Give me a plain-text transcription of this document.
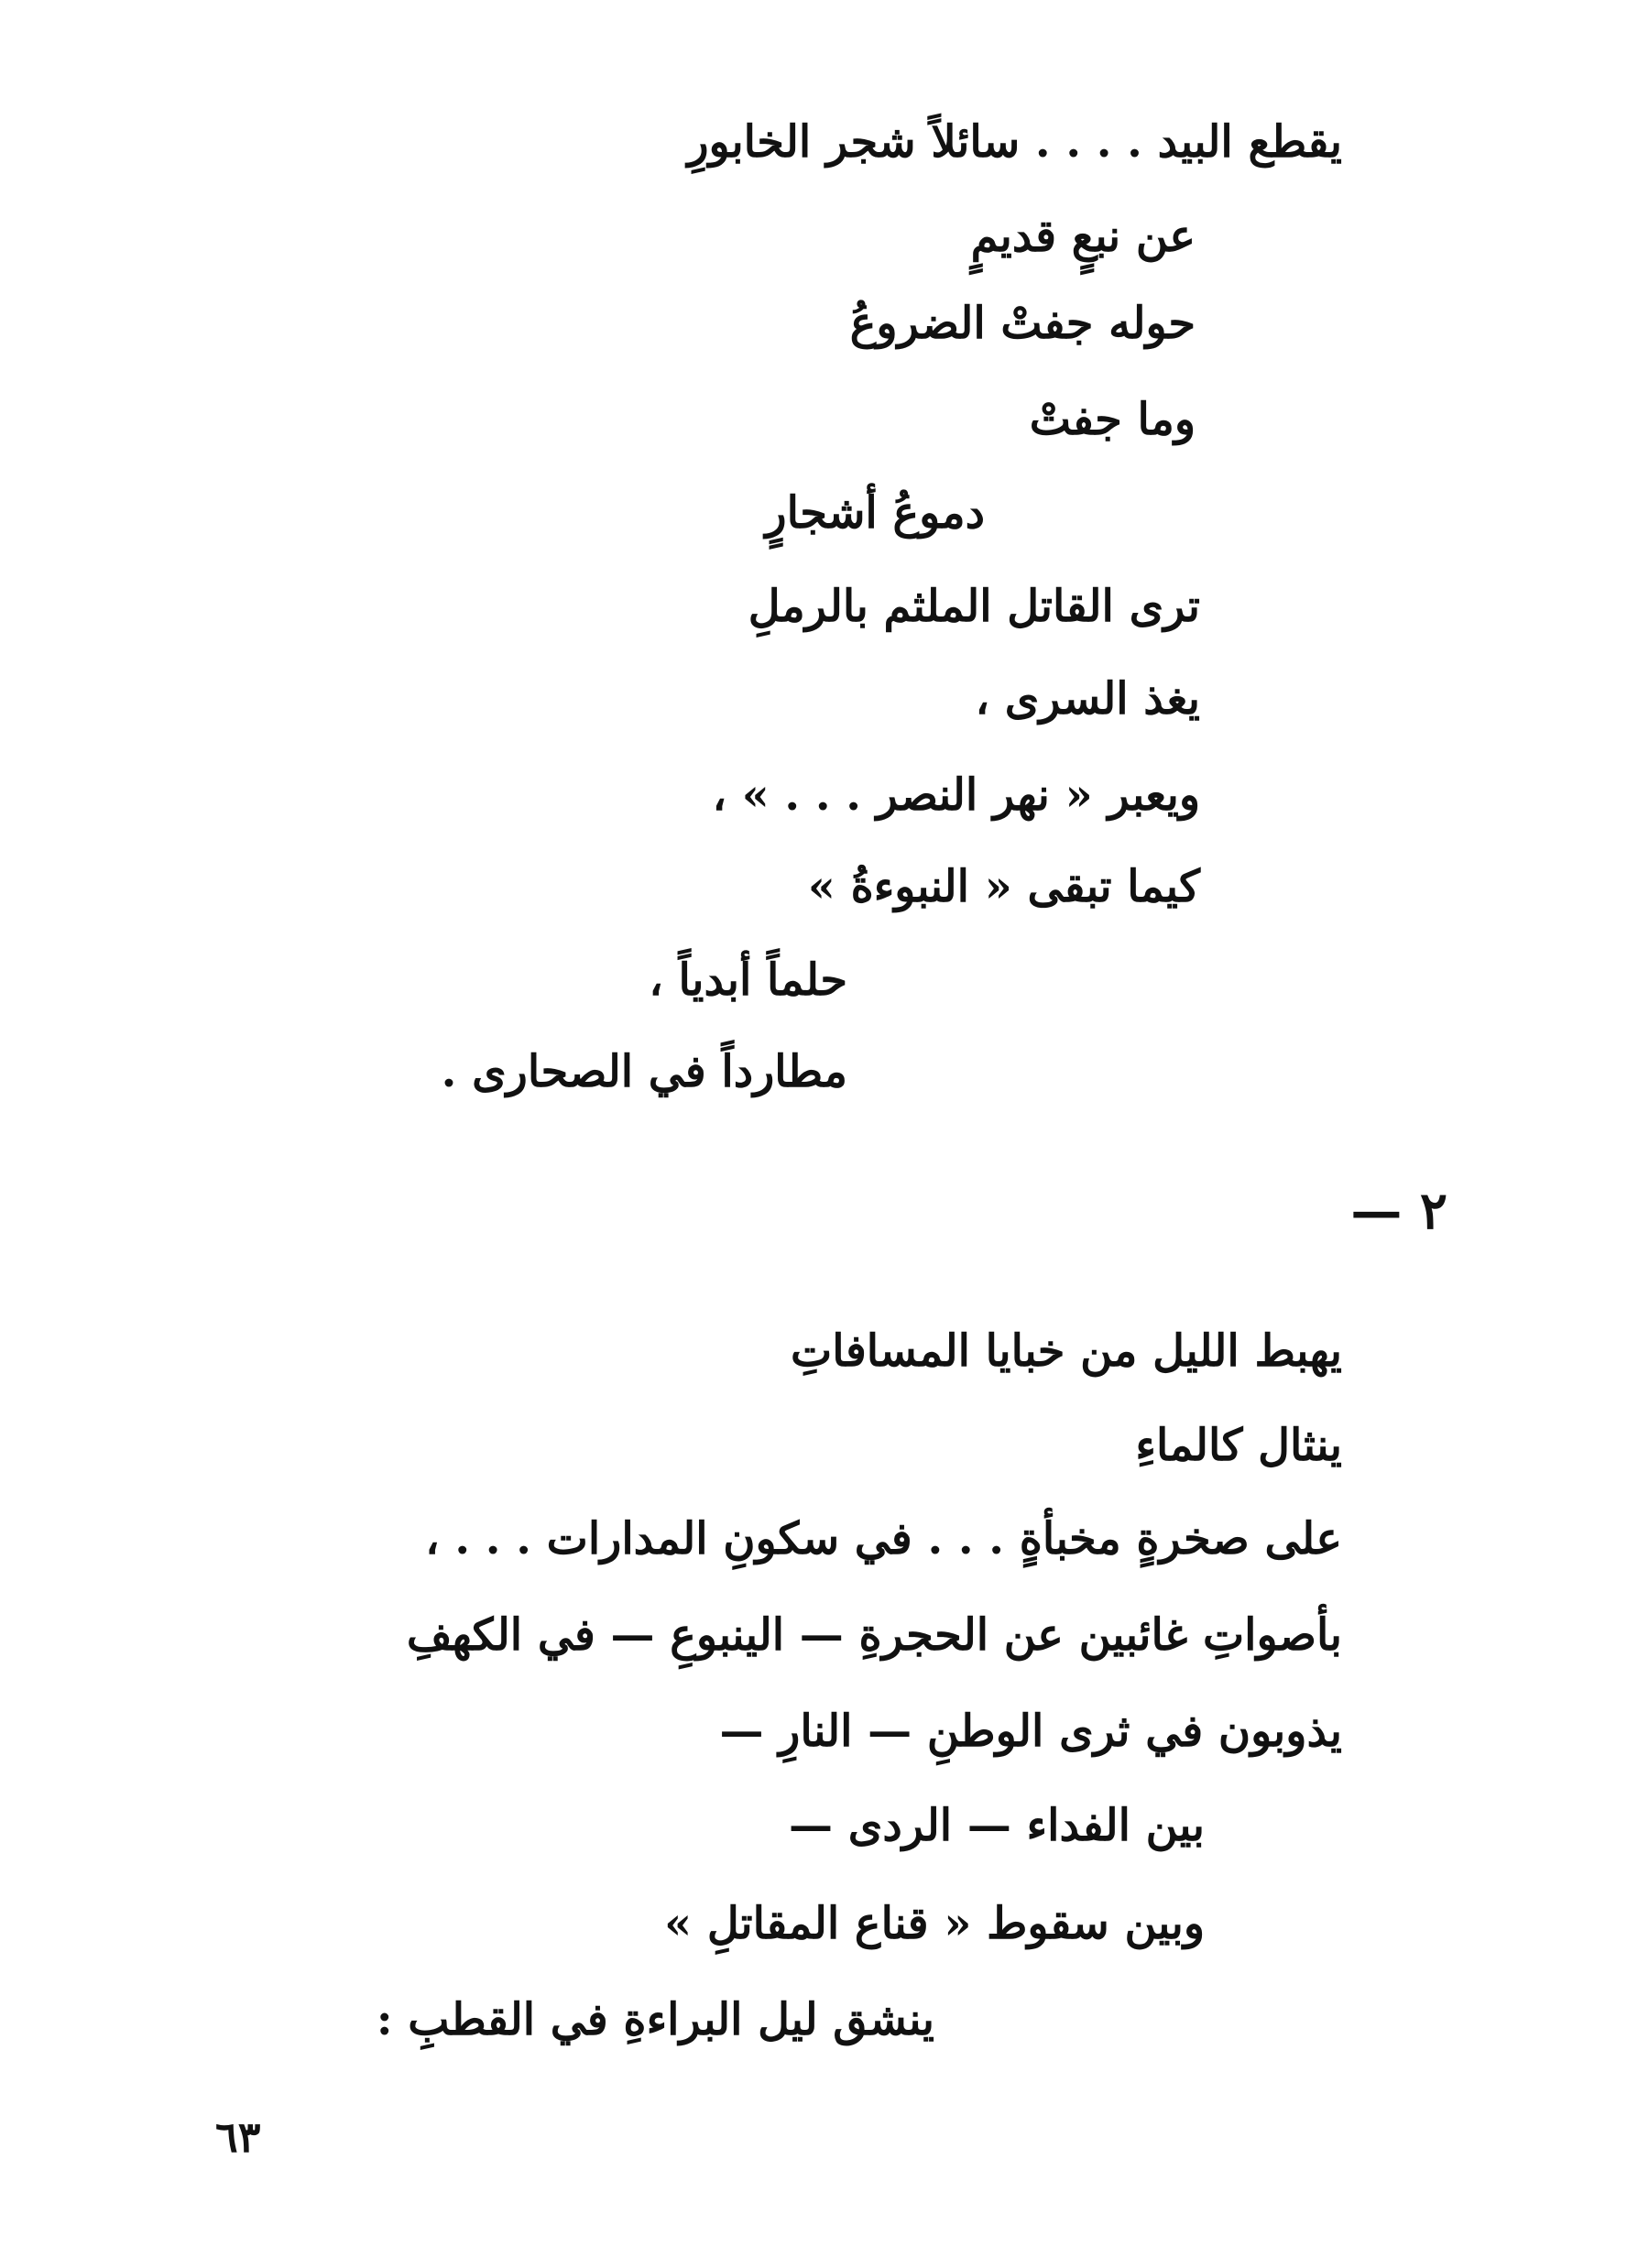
يقطع البيد . . . . سائلاً شجر الخابورِ
عن نبعٍ قديمٍ
حوله جفتْ الضروعُ
وما جفتْ
دموعُ أشجارٍ
ترى القاتل الملثم بالرملِ
يغذ السرى ،
ويعبر « نهر النصر . . . » ،
كيما تبقى « النبوءةُ »
حلماً أبدياً ،
مطارداً في الصحارى .
٢ —
يهبط الليل من خبايا المسافاتِ
ينثال كالماءِ
على صخرةٍ مخبأةٍ . . . في سكونِ المدارات . . . ،
بأصواتِ غائبين عن الحجرةِ — الينبوعِ — في الكهفِ
يذوبون في ثرى الوطنِ — النارِ —
بين الفداء — الردى —
وبين سقوط « قناع المقاتلِ »
ينشق ليل البراءةِ في القطبِ :
٦٣
